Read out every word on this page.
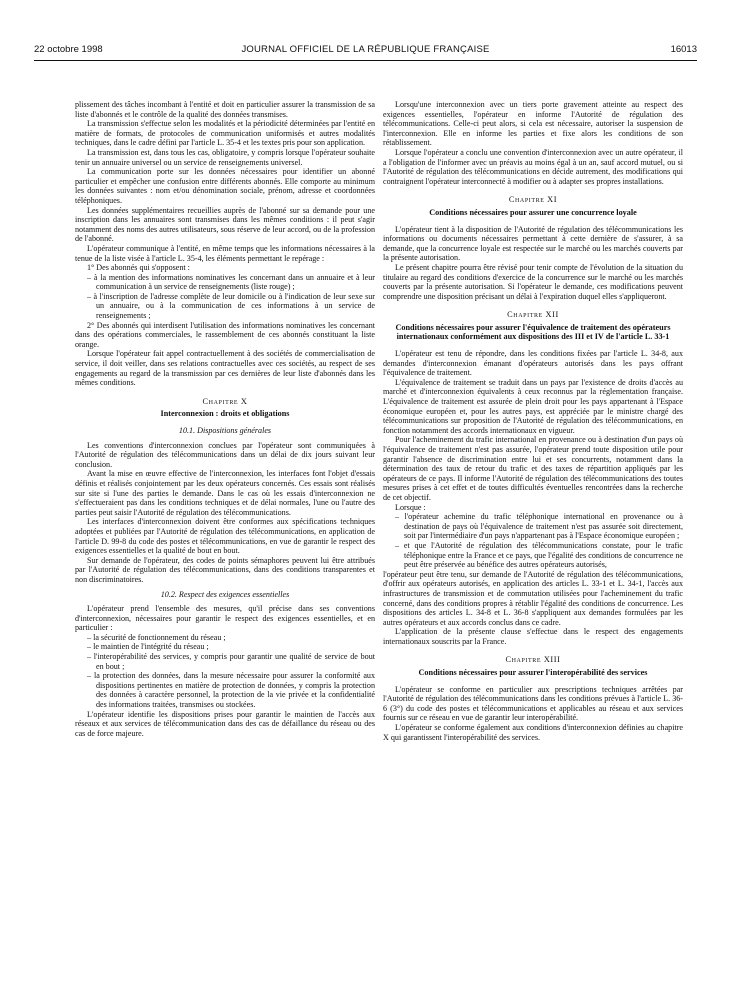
22 octobre 1998	JOURNAL OFFICIEL DE LA RÉPUBLIQUE FRANÇAISE	16013

plissement des tâches incombant à l'entité et doit en particulier assurer la transmission de sa liste d'abonnés et le contrôle de la qualité des données transmises.

La transmission s'effectue selon les modalités et la périodicité déterminées par l'entité en matière de formats, de protocoles de communication uniformisés et autres modalités techniques, dans le cadre défini par l'article L. 35-4 et les textes pris pour son application.

La transmission est, dans tous les cas, obligatoire, y compris lorsque l'opérateur souhaite tenir un annuaire universel ou un service de renseignements universel.

La communication porte sur les données nécessaires pour identifier un abonné particulier et empêcher une confusion entre différents abonnés. Elle comporte au minimum les données suivantes : nom et/ou dénomination sociale, prénom, adresse et coordonnées téléphoniques.

Les données supplémentaires recueillies auprès de l'abonné sur sa demande pour une inscription dans les annuaires sont transmises dans les mêmes conditions : il peut s'agir notamment des noms des autres utilisateurs, sous réserve de leur accord, ou de la profession de l'abonné.

L'opérateur communique à l'entité, en même temps que les informations nécessaires à la tenue de la liste visée à l'article L. 35-4, les éléments permettant le repérage :

1° Des abonnés qui s'opposent :

– à la mention des informations nominatives les concernant dans un annuaire et à leur communication à un service de renseignements (liste rouge) ;

– à l'inscription de l'adresse complète de leur domicile ou à l'indication de leur sexe sur un annuaire, ou à la communication de ces informations à un service de renseignements ;

2° Des abonnés qui interdisent l'utilisation des informations nominatives les concernant dans des opérations commerciales, le rassemblement de ces abonnés constituant la liste orange.

Lorsque l'opérateur fait appel contractuellement à des sociétés de commercialisation de service, il doit veiller, dans ses relations contractuelles avec ces sociétés, au respect de ses engagements au regard de la transmission par ces dernières de leur liste d'abonnés dans les mêmes conditions.

Chapitre X
Interconnexion : droits et obligations
10.1. Dispositions générales

Les conventions d'interconnexion conclues par l'opérateur sont communiquées à l'Autorité de régulation des télécommunications dans un délai de dix jours suivant leur conclusion.

Avant la mise en œuvre effective de l'interconnexion, les interfaces font l'objet d'essais définis et réalisés conjointement par les deux opérateurs concernés. Ces essais sont réalisés sur site si l'une des parties le demande. Dans le cas où les essais d'interconnexion ne s'effectueraient pas dans les conditions techniques et de délai normales, l'une ou l'autre des parties peut saisir l'Autorité de régulation des télécommunications.

Les interfaces d'interconnexion doivent être conformes aux spécifications techniques adoptées et publiées par l'Autorité de régulation des télécommunications, en application de l'article D. 99-8 du code des postes et télécommunications, en vue de garantir le respect des exigences essentielles et la qualité de bout en bout.

Sur demande de l'opérateur, des codes de points sémaphores peuvent lui être attribués par l'Autorité de régulation des télécommunications, dans des conditions transparentes et non discriminatoires.

10.2. Respect des exigences essentielles

L'opérateur prend l'ensemble des mesures, qu'il précise dans ses conventions d'interconnexion, nécessaires pour garantir le respect des exigences essentielles, et en particulier :

– la sécurité de fonctionnement du réseau ;

– le maintien de l'intégrité du réseau ;

– l'interopérabilité des services, y compris pour garantir une qualité de service de bout en bout ;

– la protection des données, dans la mesure nécessaire pour assurer la conformité aux dispositions pertinentes en matière de protection de données, y compris la protection des données à caractère personnel, la protection de la vie privée et la confidentialité des informations traitées, transmises ou stockées.

L'opérateur identifie les dispositions prises pour garantir le maintien de l'accès aux réseaux et aux services de télécommunication dans des cas de défaillance du réseau ou des cas de force majeure.

Lorsqu'une interconnexion avec un tiers porte gravement atteinte au respect des exigences essentielles, l'opérateur en informe l'Autorité de régulation des télécommunications. Celle-ci peut alors, si cela est nécessaire, autoriser la suspension de l'interconnexion. Elle en informe les parties et fixe alors les conditions de son rétablissement.

Lorsque l'opérateur a conclu une convention d'interconnexion avec un autre opérateur, il a l'obligation de l'informer avec un préavis au moins égal à un an, sauf accord mutuel, ou si l'Autorité de régulation des télécommunications en décide autrement, des modifications qui contraignent l'opérateur interconnecté à modifier ou à adapter ses propres installations.

Chapitre XI
Conditions nécessaires pour assurer une concurrence loyale

L'opérateur tient à la disposition de l'Autorité de régulation des télécommunications les informations ou documents nécessaires permettant à cette dernière de s'assurer, à sa demande, que la concurrence loyale est respectée sur le marché ou les marchés couverts par la présente autorisation.

Le présent chapitre pourra être révisé pour tenir compte de l'évolution de la situation du titulaire au regard des conditions d'exercice de la concurrence sur le marché ou les marchés couverts par la présente autorisation. Si l'opérateur le demande, ces modifications peuvent comprendre une disposition précisant un délai à l'expiration duquel elles s'appliqueront.

Chapitre XII
Conditions nécessaires pour assurer l'équivalence de traitement des opérateurs internationaux conformément aux dispositions des III et IV de l'article L. 33-1

L'opérateur est tenu de répondre, dans les conditions fixées par l'article L. 34-8, aux demandes d'interconnexion émanant d'opérateurs autorisés dans les pays offrant l'équivalence de traitement.

L'équivalence de traitement se traduit dans un pays par l'existence de droits d'accès au marché et d'interconnexion équivalents à ceux reconnus par la réglementation française. L'équivalence de traitement est assurée de plein droit pour les pays appartenant à l'Espace économique européen et, pour les autres pays, est appréciée par le ministre chargé des télécommunications sur proposition de l'Autorité de régulation des télécommunications, en fonction notamment des accords internationaux en vigueur.

Pour l'acheminement du trafic international en provenance ou à destination d'un pays où l'équivalence de traitement n'est pas assurée, l'opérateur prend toute disposition utile pour garantir l'absence de discrimination entre lui et ses concurrents, notamment dans la détermination des taux de retour du trafic et des taxes de répartition appliqués par les opérateurs de ce pays. Il informe l'Autorité de régulation des télécommunications des toutes mesures prises à cet effet et de toutes difficultés éventuelles rencontrées dans la recherche de cet objectif.

Lorsque :

– l'opérateur achemine du trafic téléphonique international en provenance ou à destination de pays où l'équivalence de traitement n'est pas assurée soit directement, soit par l'intermédiaire d'un pays n'appartenant pas à l'Espace économique européen ;

– et que l'Autorité de régulation des télécommunications constate, pour le trafic téléphonique entre la France et ce pays, que l'égalité des conditions de concurrence ne peut être préservée au bénéfice des autres opérateurs autorisés,

l'opérateur peut être tenu, sur demande de l'Autorité de régulation des télécommunications, d'offrir aux opérateurs autorisés, en application des articles L. 33-1 et L. 34-1, l'accès aux infrastructures de transmission et de commutation utilisées pour l'acheminement du trafic concerné, dans des conditions propres à rétablir l'égalité des conditions de concurrence. Les dispositions des articles L. 34-8 et L. 36-8 s'appliquent aux demandes formulées par les autres opérateurs et aux accords conclus dans ce cadre.

L'application de la présente clause s'effectue dans le respect des engagements internationaux souscrits par la France.

Chapitre XIII
Conditions nécessaires pour assurer l'interopérabilité des services

L'opérateur se conforme en particulier aux prescriptions techniques arrêtées par l'Autorité de régulation des télécommunications dans les conditions prévues à l'article L. 36-6 (3°) du code des postes et télécommunications et applicables au réseau et aux services fournis sur ce réseau en vue de garantir leur interopérabilité.

L'opérateur se conforme également aux conditions d'interconnexion définies au chapitre X qui garantissent l'interopérabilité des services.
